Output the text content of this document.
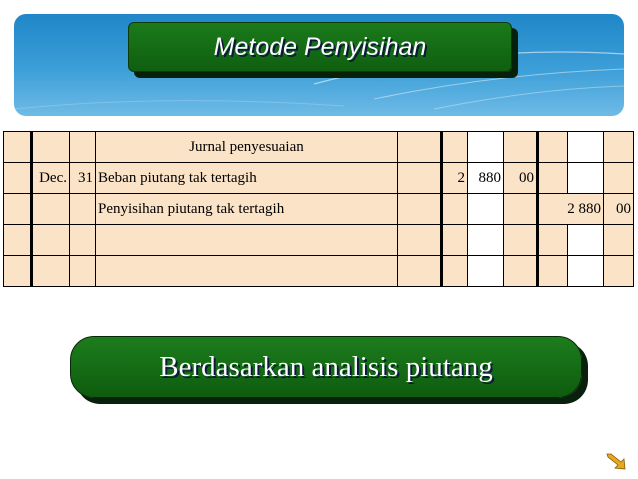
Metode Penyisihan
			Jurnal penyesuaian							
	Dec.	31	Beban piutang tak tertagih		2	880	00			
			Penyisihan piutang tak tertagih					2 880		00

Berdasarkan analisis piutang
